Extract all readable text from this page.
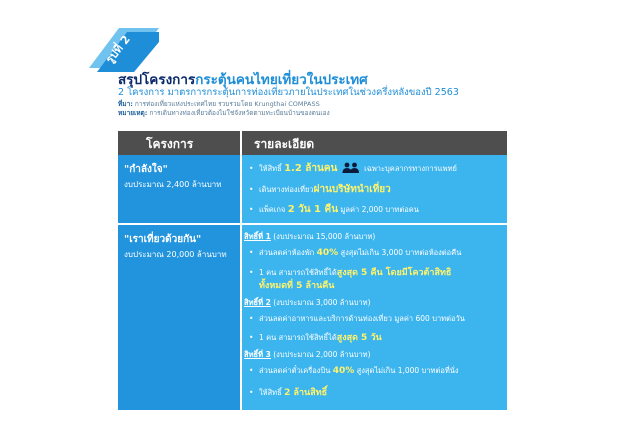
รูปที่ 2
สรุปโครงการกระตุ้นคนไทยเที่ยวในประเทศ
2 โครงการ มาตรการกระตุ้นการท่องเที่ยวภายในประเทศในช่วงครึ่งหลังของปี 2563
ที่มา: การท่องเที่ยวแห่งประเทศไทย รวบรวมโดย Krungthai COMPASS
หมายเหตุ: การเดินทางท่องเที่ยวต้องไม่ใช่จังหวัดตามทะเบียนบ้านของตนเอง
โครงการ	รายละเอียด
"กำลังใจ"
งบประมาณ 2,400 ล้านบาท
• ให้สิทธิ์ 1.2 ล้านคน	เฉพาะบุคลากรทางการแพทย์
• เดินทางท่องเที่ยวผ่านบริษัทนำเที่ยว
• แพ็คเกจ 2 วัน 1 คืน มูลค่า 2,000 บาทต่อคน
"เราเที่ยวด้วยกัน"
งบประมาณ 20,000 ล้านบาท
สิทธิ์ที่ 1 (งบประมาณ 15,000 ล้านบาท)
• ส่วนลดค่าห้องพัก 40% สูงสุดไม่เกิน 3,000 บาทต่อห้องต่อคืน
• 1 คน สามารถใช้สิทธิ์ได้สูงสุด 5 คืน โดยมีโควต้าสิทธิ
ทั้งหมดที่ 5 ล้านคืน
สิทธิ์ที่ 2 (งบประมาณ 3,000 ล้านบาท)
• ส่วนลดค่าอาหารและบริการด้านท่องเที่ยว มูลค่า 600 บาทต่อวัน
• 1 คน สามารถใช้สิทธิ์ได้สูงสุด 5 วัน
สิทธิ์ที่ 3 (งบประมาณ 2,000 ล้านบาท)
• ส่วนลดค่าตั๋วเครื่องบิน 40% สูงสุดไม่เกิน 1,000 บาทต่อที่นั่ง
• ให้สิทธิ์ 2 ล้านสิทธิ์
